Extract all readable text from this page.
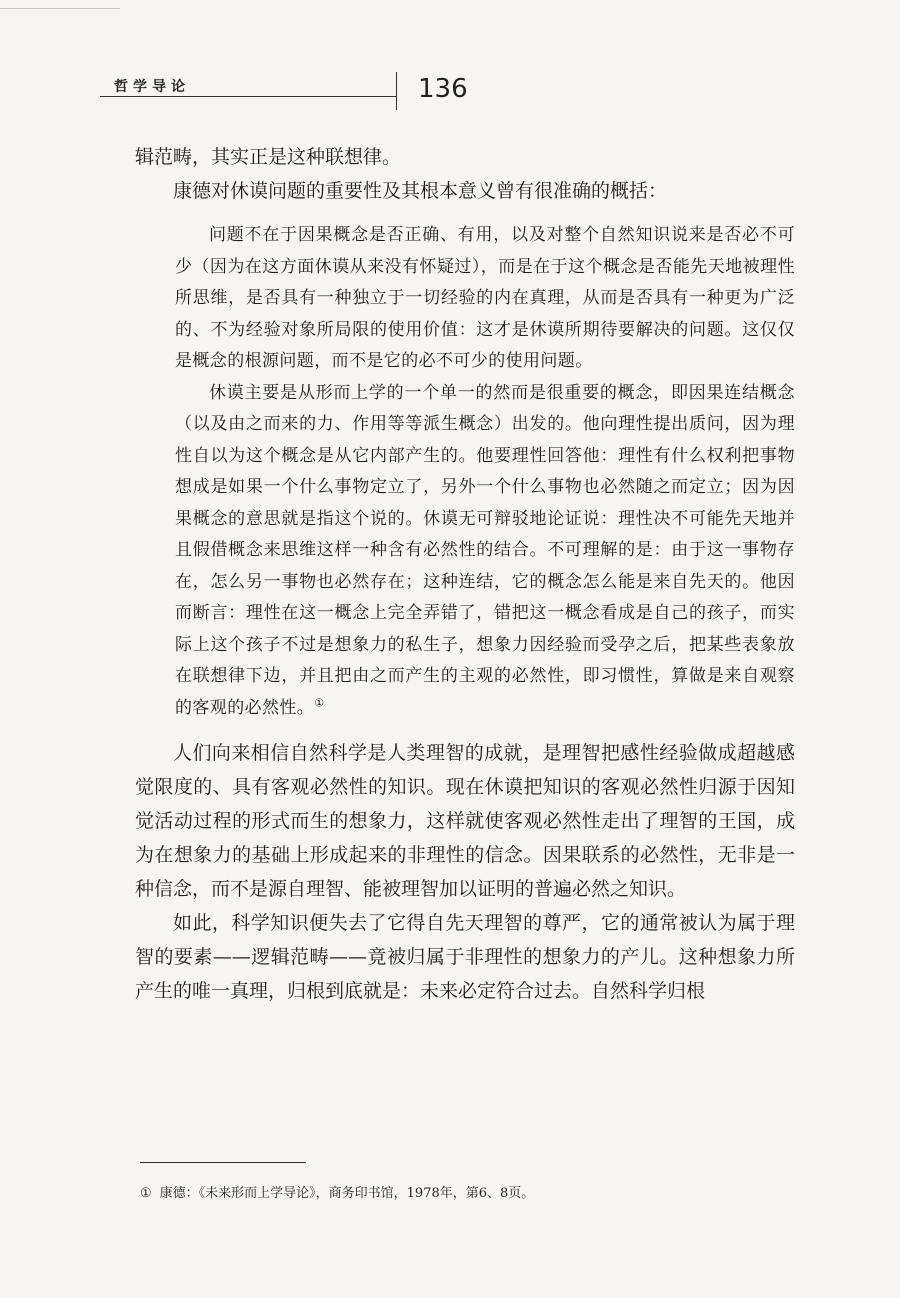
哲学导论	136

辑范畴，其实正是这种联想律。

康德对休谟问题的重要性及其根本意义曾有很准确的概括：

问题不在于因果概念是否正确、有用，以及对整个自然知识说来是否必不可少（因为在这方面休谟从来没有怀疑过），而是在于这个概念是否能先天地被理性所思维，是否具有一种独立于一切经验的内在真理，从而是否具有一种更为广泛的、不为经验对象所局限的使用价值：这才是休谟所期待要解决的问题。这仅仅是概念的根源问题，而不是它的必不可少的使用问题。

休谟主要是从形而上学的一个单一的然而是很重要的概念，即因果连结概念（以及由之而来的力、作用等等派生概念）出发的。他向理性提出质问，因为理性自以为这个概念是从它内部产生的。他要理性回答他：理性有什么权利把事物想成是如果一个什么事物定立了，另外一个什么事物也必然随之而定立；因为因果概念的意思就是指这个说的。休谟无可辩驳地论证说：理性决不可能先天地并且假借概念来思维这样一种含有必然性的结合。不可理解的是：由于这一事物存在，怎么另一事物也必然存在；这种连结，它的概念怎么能是来自先天的。他因而断言：理性在这一概念上完全弄错了，错把这一概念看成是自己的孩子，而实际上这个孩子不过是想象力的私生子，想象力因经验而受孕之后，把某些表象放在联想律下边，并且把由之而产生的主观的必然性，即习惯性，算做是来自观察的客观的必然性。①

人们向来相信自然科学是人类理智的成就，是理智把感性经验做成超越感觉限度的、具有客观必然性的知识。现在休谟把知识的客观必然性归源于因知觉活动过程的形式而生的想象力，这样就使客观必然性走出了理智的王国，成为在想象力的基础上形成起来的非理性的信念。因果联系的必然性，无非是一种信念，而不是源自理智、能被理智加以证明的普遍必然之知识。

如此，科学知识便失去了它得自先天理智的尊严，它的通常被认为属于理智的要素——逻辑范畴——竟被归属于非理性的想象力的产儿。这种想象力所产生的唯一真理，归根到底就是：未来必定符合过去。自然科学归根

① 康德：《未来形而上学导论》，商务印书馆，1978年，第6、8页。
